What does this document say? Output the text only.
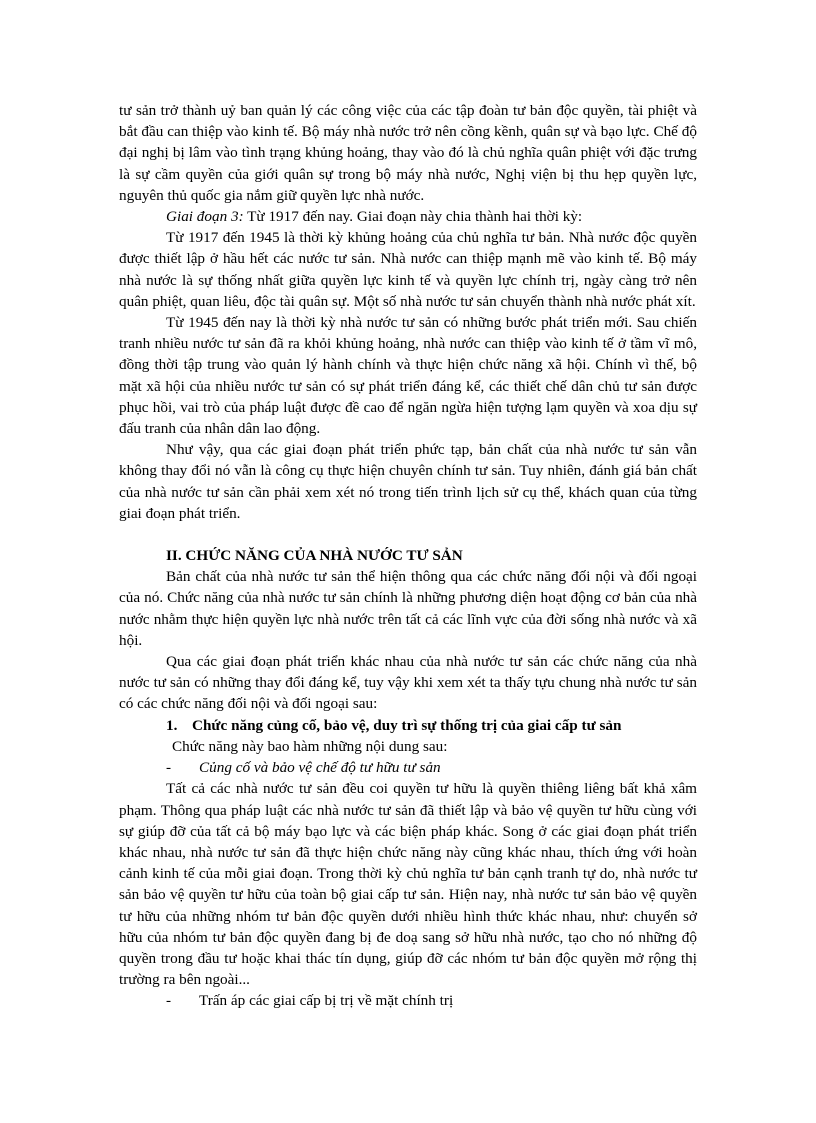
tư sản trở thành uỷ ban quản lý các công việc của các tập đoàn tư bản độc quyền, tài phiệt và bắt đầu can thiệp vào kinh tế. Bộ máy nhà nước trở nên cồng kềnh, quân sự và bạo lực. Chế độ đại nghị bị lâm vào tình trạng khủng hoảng, thay vào đó là chủ nghĩa quân phiệt với đặc trưng là sự cầm quyền của giới quân sự trong bộ máy nhà nước, Nghị viện bị thu hẹp quyền lực, nguyên thủ quốc gia nắm giữ quyền lực nhà nước.

Giai đoạn 3: Từ 1917 đến nay. Giai đoạn này chia thành hai thời kỳ:

Từ 1917 đến 1945 là thời kỳ khủng hoảng của chủ nghĩa tư bản. Nhà nước độc quyền được thiết lập ở hầu hết các nước tư sản. Nhà nước can thiệp mạnh mẽ vào kinh tế. Bộ máy nhà nước là sự thống nhất giữa quyền lực kinh tế và quyền lực chính trị, ngày càng trở nên quân phiệt, quan liêu, độc tài quân sự. Một số nhà nước tư sản chuyển thành nhà nước phát xít.

Từ 1945 đến nay là thời kỳ nhà nước tư sản có những bước phát triển mới. Sau chiến tranh nhiều nước tư sản đã ra khỏi khủng hoảng, nhà nước can thiệp vào kinh tế ở tầm vĩ mô, đồng thời tập trung vào quản lý hành chính và thực hiện chức năng xã hội. Chính vì thế, bộ mặt xã hội của nhiều nước tư sản có sự phát triển đáng kể, các thiết chế dân chủ tư sản được phục hồi, vai trò của pháp luật được đề cao để ngăn ngừa hiện tượng lạm quyền và xoa dịu sự đấu tranh của nhân dân lao động.

Như vậy, qua các giai đoạn phát triển phức tạp, bản chất của nhà nước tư sản vẫn không thay đổi nó vẫn là công cụ thực hiện chuyên chính tư sản. Tuy nhiên, đánh giá bản chất của nhà nước tư sản cần phải xem xét nó trong tiến trình lịch sử cụ thể, khách quan của từng giai đoạn phát triển.

II. CHỨC NĂNG CỦA NHÀ NƯỚC TƯ SẢN

Bản chất của nhà nước tư sản thể hiện thông qua các chức năng đối nội và đối ngoại của nó. Chức năng của nhà nước tư sản chính là những phương diện hoạt động cơ bản của nhà nước nhằm thực hiện quyền lực nhà nước trên tất cả các lĩnh vực của đời sống nhà nước và xã hội.

Qua các giai đoạn phát triển khác nhau của nhà nước tư sản các chức năng của nhà nước tư sản có những thay đổi đáng kể, tuy vậy khi xem xét ta thấy tựu chung nhà nước tư sản có các chức năng đối nội và đối ngoại sau:

1. Chức năng củng cố, bảo vệ, duy trì sự thống trị của giai cấp tư sản

Chức năng này bao hàm những nội dung sau:

- Củng cố và bảo vệ chế độ tư hữu tư sản

Tất cả các nhà nước tư sản đều coi quyền tư hữu là quyền thiêng liêng bất khả xâm phạm. Thông qua pháp luật các nhà nước tư sản đã thiết lập và bảo vệ quyền tư hữu cùng với sự giúp đỡ của tất cả bộ máy bạo lực và các biện pháp khác. Song ở các giai đoạn phát triển khác nhau, nhà nước tư sản đã thực hiện chức năng này cũng khác nhau, thích ứng với hoàn cảnh kinh tế của mỗi giai đoạn. Trong thời kỳ chủ nghĩa tư bản cạnh tranh tự do, nhà nước tư sản bảo vệ quyền tư hữu của toàn bộ giai cấp tư sản. Hiện nay, nhà nước tư sản bảo vệ quyền tư hữu của những nhóm tư bản độc quyền dưới nhiều hình thức khác nhau, như: chuyển sở hữu của nhóm tư bản độc quyền đang bị đe doạ sang sở hữu nhà nước, tạo cho nó những độ quyền trong đầu tư hoặc khai thác tín dụng, giúp đỡ các nhóm tư bản độc quyền mở rộng thị trường ra bên ngoài...

- Trấn áp các giai cấp bị trị về mặt chính trị
